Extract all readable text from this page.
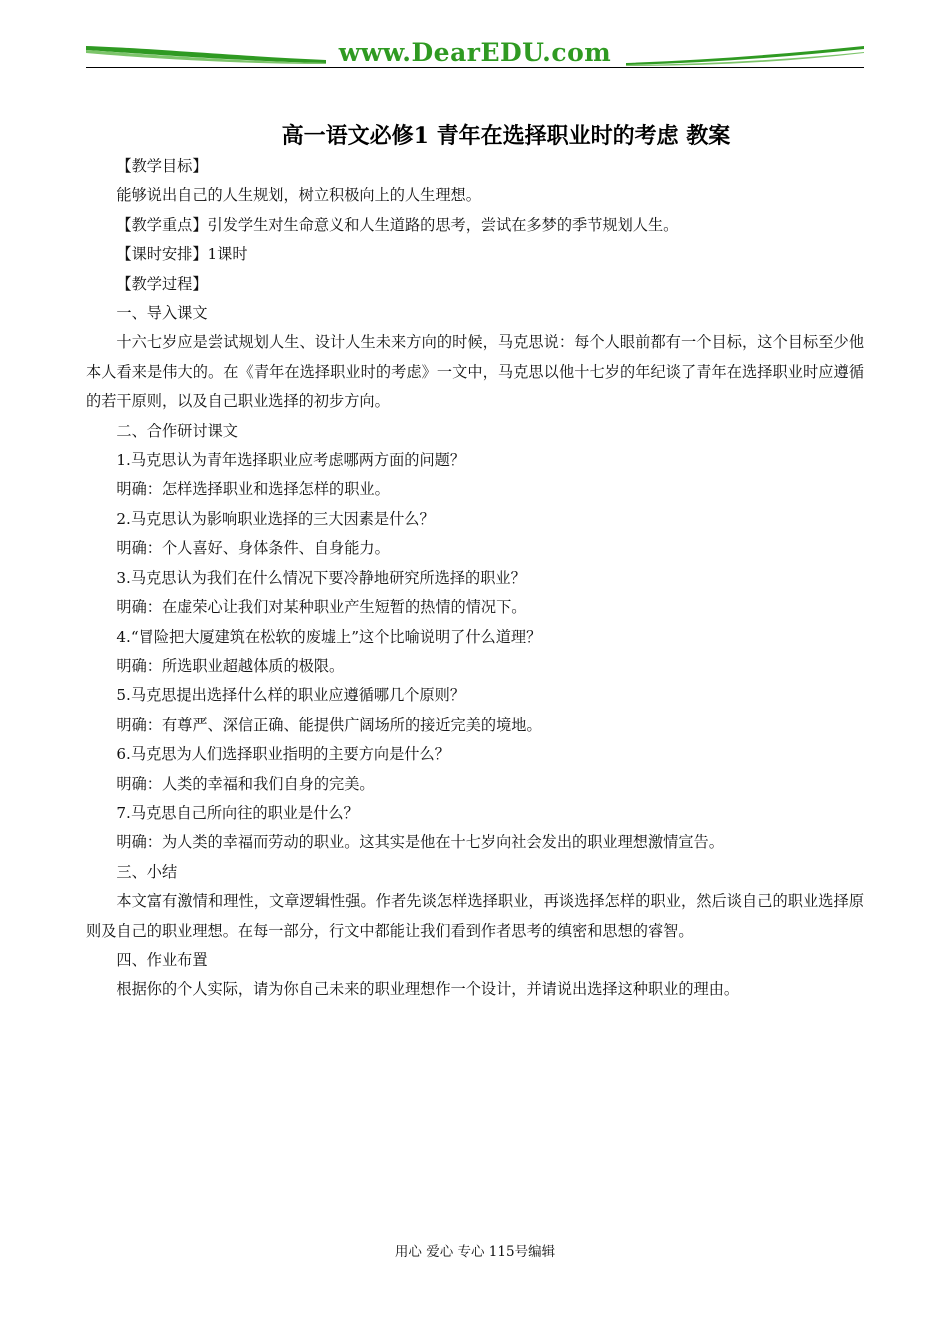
www.DearEDU.com
高一语文必修1 青年在选择职业时的考虑 教案

【教学目标】

能够说出自己的人生规划，树立积极向上的人生理想。

【教学重点】引发学生对生命意义和人生道路的思考，尝试在多梦的季节规划人生。

【课时安排】1课时

【教学过程】

一、导入课文

十六七岁应是尝试规划人生、设计人生未来方向的时候，马克思说：每个人眼前都有一个目标，这个目标至少他本人看来是伟大的。在《青年在选择职业时的考虑》一文中，马克思以他十七岁的年纪谈了青年在选择职业时应遵循的若干原则，以及自己职业选择的初步方向。

二、合作研讨课文

1.马克思认为青年选择职业应考虑哪两方面的问题？

明确：怎样选择职业和选择怎样的职业。

2.马克思认为影响职业选择的三大因素是什么？

明确：个人喜好、身体条件、自身能力。

3.马克思认为我们在什么情况下要冷静地研究所选择的职业？

明确：在虚荣心让我们对某种职业产生短暂的热情的情况下。

4.“冒险把大厦建筑在松软的废墟上”这个比喻说明了什么道理？

明确：所选职业超越体质的极限。

5.马克思提出选择什么样的职业应遵循哪几个原则？

明确：有尊严、深信正确、能提供广阔场所的接近完美的境地。

6.马克思为人们选择职业指明的主要方向是什么？

明确：人类的幸福和我们自身的完美。

7.马克思自己所向往的职业是什么？

明确：为人类的幸福而劳动的职业。这其实是他在十七岁向社会发出的职业理想激情宣告。

三、小结

本文富有激情和理性，文章逻辑性强。作者先谈怎样选择职业，再谈选择怎样的职业，然后谈自己的职业选择原则及自己的职业理想。在每一部分，行文中都能让我们看到作者思考的缜密和思想的睿智。

四、作业布置

根据你的个人实际，请为你自己未来的职业理想作一个设计，并请说出选择这种职业的理由。

用心 爱心 专心 115号编辑
